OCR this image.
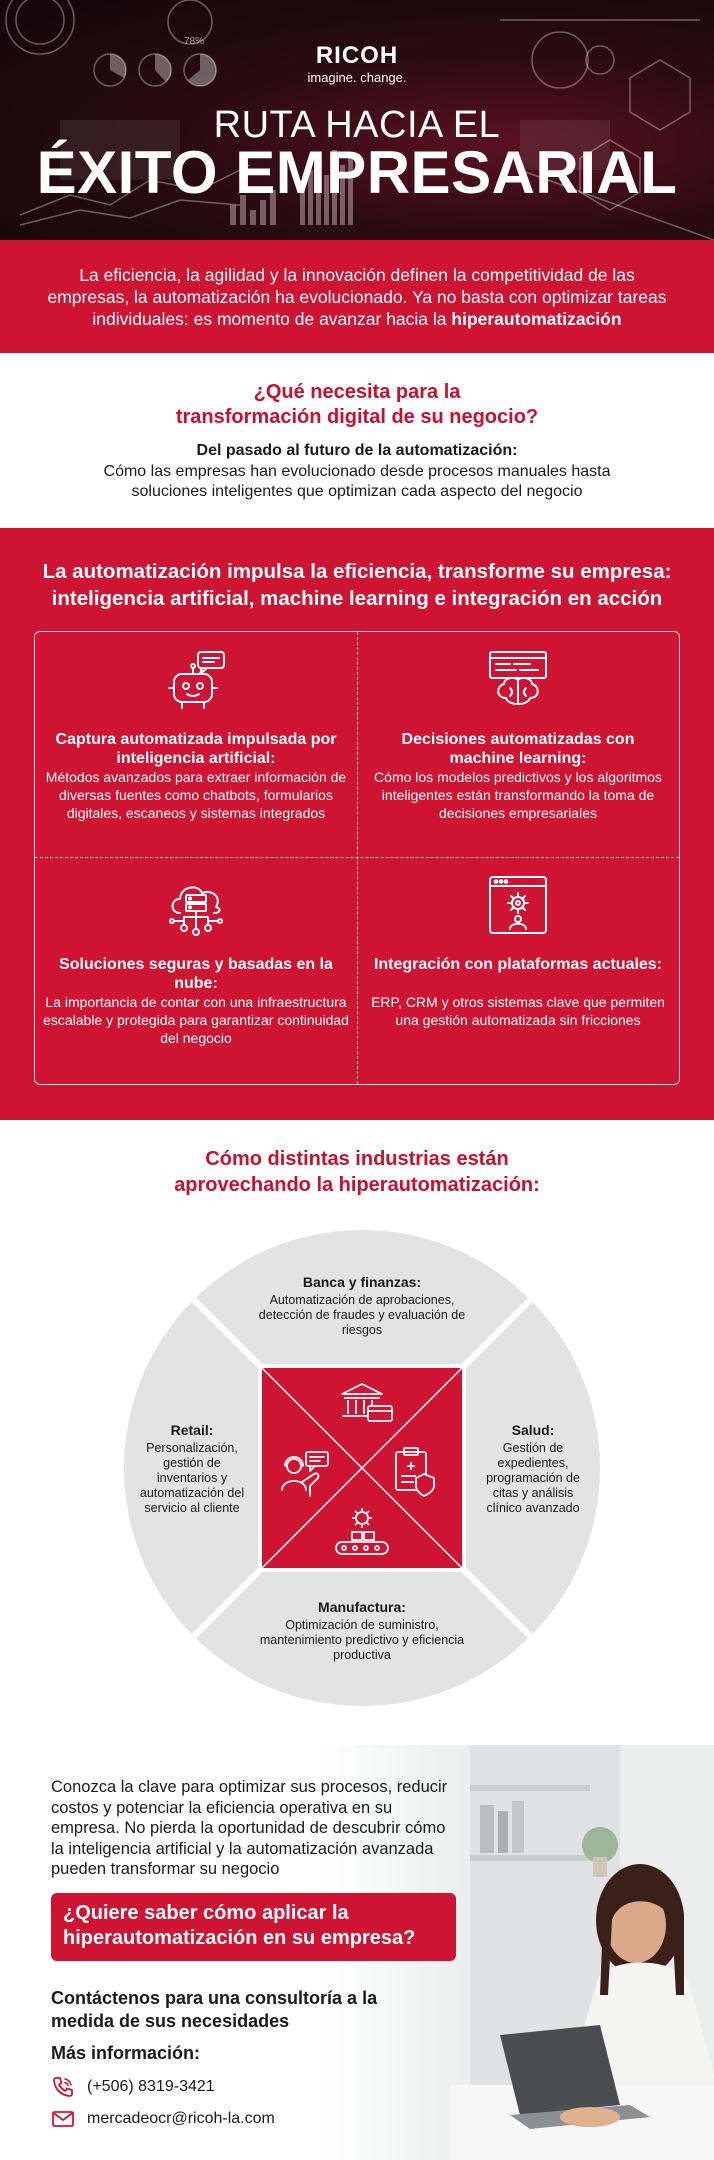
78%
RICOH
imagine. change.
RUTA HACIA EL
ÉXITO EMPRESARIAL

La eficiencia, la agilidad y la innovación definen la competitividad de las empresas, la automatización ha evolucionado. Ya no basta con optimizar tareas individuales: es momento de avanzar hacia la hiperautomatización

¿Qué necesita para la
transformación digital de su negocio?
Del pasado al futuro de la automatización:
Cómo las empresas han evolucionado desde procesos manuales hasta soluciones inteligentes que optimizan cada aspecto del negocio
La automatización impulsa la eficiencia, transforme su empresa: inteligencia artificial, machine learning e integración en acción
Captura automatizada impulsada por inteligencia artificial:
Métodos avanzados para extraer información de diversas fuentes como chatbots, formularios digitales, escaneos y sistemas integrados
Decisiones automatizadas con machine learning:
Cómo los modelos predictivos y los algoritmos inteligentes están transformando la toma de decisiones empresariales
Soluciones seguras y basadas en la nube:
La importancia de contar con una infraestructura escalable y protegida para garantizar continuidad del negocio
Integración con plataformas actuales:
ERP, CRM y otros sistemas clave que permiten una gestión automatizada sin fricciones
Cómo distintas industrias están
aprovechando la hiperautomatización:
Banca y finanzas:
Automatización de aprobaciones, detección de fraudes y evaluación de riesgos
Retail:
Personalización, gestión de inventarios y automatización del servicio al cliente
Salud:
Gestión de expedientes, programación de citas y análisis clínico avanzado
Manufactura:
Optimización de suministro, mantenimiento predictivo y eficiencia productiva
Conozca la clave para optimizar sus procesos, reducir costos y potenciar la eficiencia operativa en su empresa. No pierda la oportunidad de descubrir cómo la inteligencia artificial y la automatización avanzada pueden transformar su negocio
¿Quiere saber cómo aplicar la hiperautomatización en su empresa?
Contáctenos para una consultoría a la medida de sus necesidades
Más información:
(+506) 8319-3421
mercadeocr@ricoh-la.com
